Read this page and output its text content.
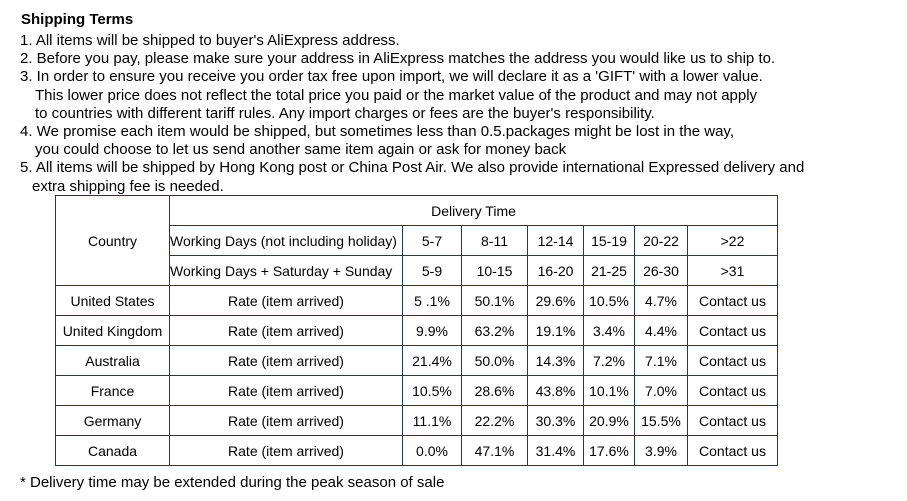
Shipping Terms
1. All items will be shipped to buyer's AliExpress address.
2. Before you pay, please make sure your address in AliExpress matches the address you would like us to ship to.
3. In order to ensure you receive you order tax free upon import, we will declare it as a 'GIFT' with a lower value.
This lower price does not reflect the total price you paid or the market value of the product and may not apply
to countries with different tariff rules. Any import charges or fees are the buyer's responsibility.
4. We promise each item would be shipped, but sometimes less than 0.5.packages might be lost in the way,
you could choose to let us send another same item again or ask for money back
5. All items will be shipped by Hong Kong post or China Post Air. We also provide international Expressed delivery and
extra shipping fee is needed.
Country	Delivery Time						
	Working Days (not including holiday)	5-7	8-11	12-14	15-19	20-22	>22
	Working Days + Saturday + Sunday	5-9	10-15	16-20	21-25	26-30	>31
United States	Rate (item arrived)	5 .1%	50.1%	29.6%	10.5%	4.7%	Contact us
United Kingdom	Rate (item arrived)	9.9%	63.2%	19.1%	3.4%	4.4%	Contact us
Australia	Rate (item arrived)	21.4%	50.0%	14.3%	7.2%	7.1%	Contact us
France	Rate (item arrived)	10.5%	28.6%	43.8%	10.1%	7.0%	Contact us
Germany	Rate (item arrived)	11.1%	22.2%	30.3%	20.9%	15.5%	Contact us
Canada	Rate (item arrived)	0.0%	47.1%	31.4%	17.6%	3.9%	Contact us
* Delivery time may be extended during the peak season of sale
